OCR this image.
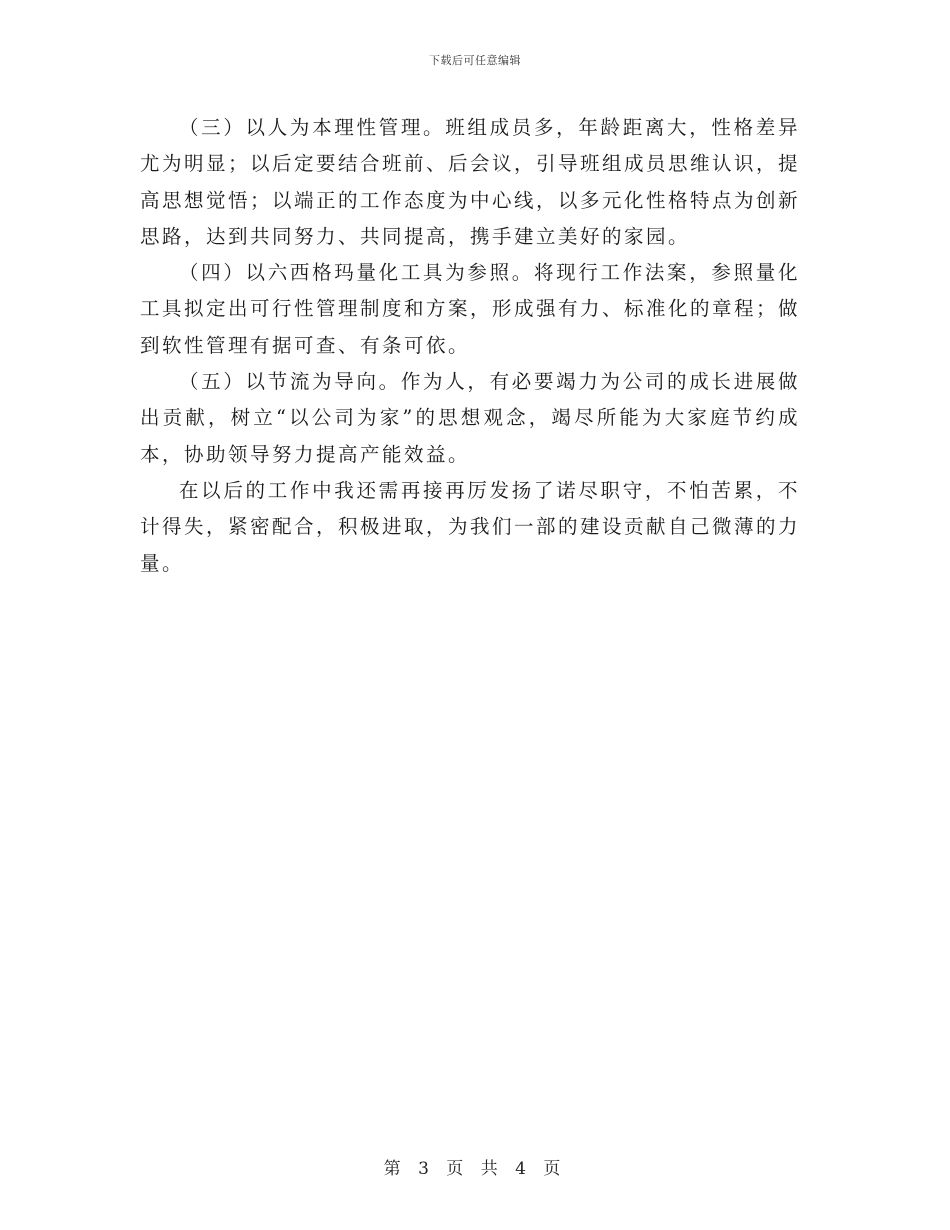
下载后可任意编辑

（三）以人为本理性管理。班组成员多，年龄距离大，性格差异尤为明显；以后定要结合班前、后会议，引导班组成员思维认识，提高思想觉悟；以端正的工作态度为中心线，以多元化性格特点为创新思路，达到共同努力、共同提高，携手建立美好的家园。

（四）以六西格玛量化工具为参照。将现行工作法案，参照量化工具拟定出可行性管理制度和方案，形成强有力、标准化的章程；做到软性管理有据可查、有条可依。

（五）以节流为导向。作为人，有必要竭力为公司的成长进展做出贡献，树立“以公司为家”的思想观念，竭尽所能为大家庭节约成本，协助领导努力提高产能效益。

在以后的工作中我还需再接再厉发扬了诺尽职守，不怕苦累，不计得失，紧密配合，积极进取，为我们一部的建设贡献自己微薄的力量。

第 3 页 共 4 页
